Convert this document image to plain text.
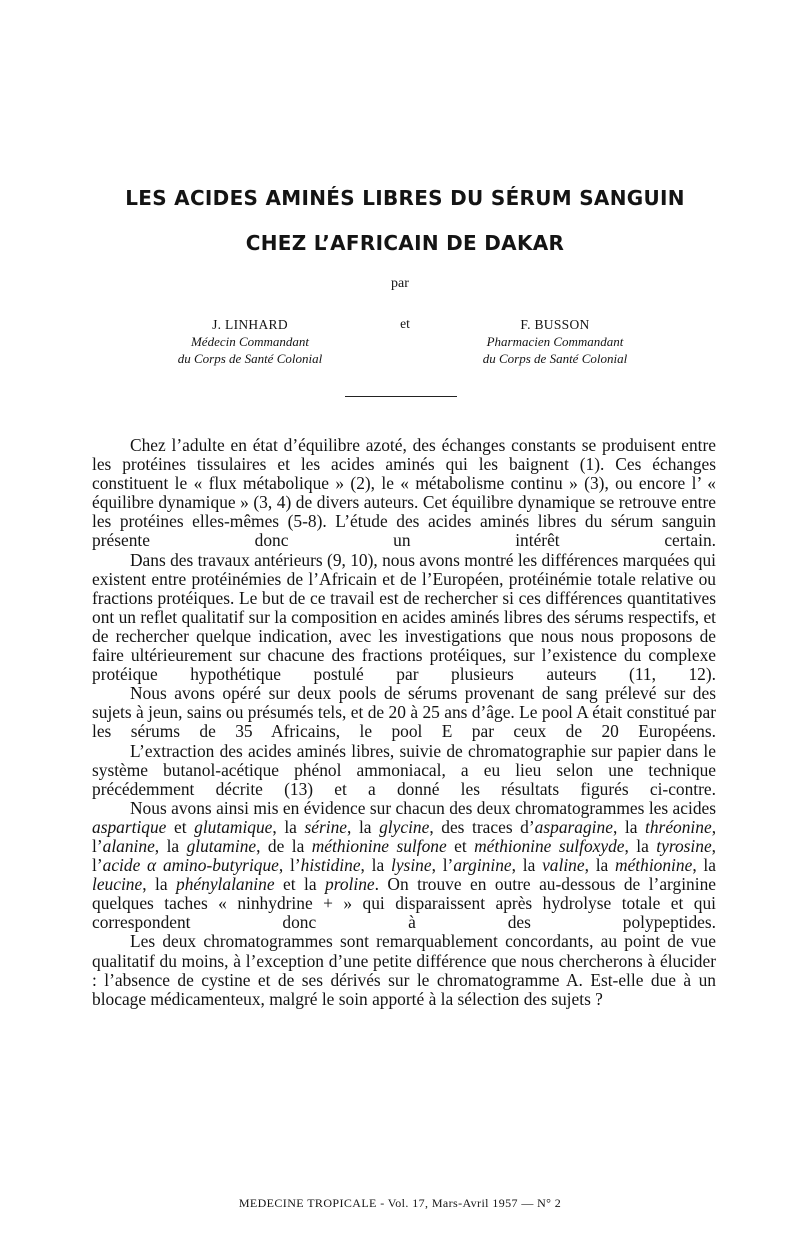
LES ACIDES AMINÉS LIBRES DU SÉRUM SANGUIN
CHEZ L’AFRICAIN DE DAKAR
par
J. LINHARD
Médecin Commandant
du Corps de Santé Colonial
et	F. BUSSON
Pharmacien Commandant
du Corps de Santé Colonial

Chez l’adulte en état d’équilibre azoté, des échanges constants se produisent entre les protéines tissulaires et les acides aminés qui les baignent (1). Ces échanges constituent le « flux métabolique » (2), le « métabolisme continu » (3), ou encore l’ « équilibre dynamique » (3, 4) de divers auteurs. Cet équilibre dynamique se retrouve entre les protéines elles-mêmes (5-8). L’étude des acides aminés libres du sérum sanguin présente donc un intérêt certain.

Dans des travaux antérieurs (9, 10), nous avons montré les différences marquées qui existent entre protéinémies de l’Africain et de l’Européen, protéinémie totale relative ou fractions protéiques. Le but de ce travail est de rechercher si ces différences quantitatives ont un reflet qualitatif sur la composition en acides aminés libres des sérums respectifs, et de rechercher quelque indication, avec les investigations que nous nous proposons de faire ultérieurement sur chacune des fractions protéiques, sur l’existence du complexe protéique hypothétique postulé par plusieurs auteurs (11, 12).

Nous avons opéré sur deux pools de sérums provenant de sang prélevé sur des sujets à jeun, sains ou présumés tels, et de 20 à 25 ans d’âge. Le pool A était constitué par les sérums de 35 Africains, le pool E par ceux de 20 Européens.

L’extraction des acides aminés libres, suivie de chromatographie sur papier dans le système butanol-acétique phénol ammoniacal, a eu lieu selon une technique précédemment décrite (13) et a donné les résultats figurés ci-contre.

Nous avons ainsi mis en évidence sur chacun des deux chromatogrammes les acides aspartique et glutamique, la sérine, la glycine, des traces d’asparagine, la thréonine, l’alanine, la glutamine, de la méthionine sulfone et méthionine sulfoxyde, la tyrosine, l’acide α amino-butyrique, l’histidine, la lysine, l’arginine, la valine, la méthionine, la leucine, la phénylalanine et la proline. On trouve en outre au-dessous de l’arginine quelques taches « ninhydrine + » qui disparaissent après hydrolyse totale et qui correspondent donc à des polypeptides.

Les deux chromatogrammes sont remarquablement concordants, au point de vue qualitatif du moins, à l’exception d’une petite différence que nous chercherons à élucider : l’absence de cystine et de ses dérivés sur le chromatogramme A. Est-elle due à un blocage médicamenteux, malgré le soin apporté à la sélection des sujets ?

MEDECINE TROPICALE - Vol. 17, Mars-Avril 1957 — N° 2
